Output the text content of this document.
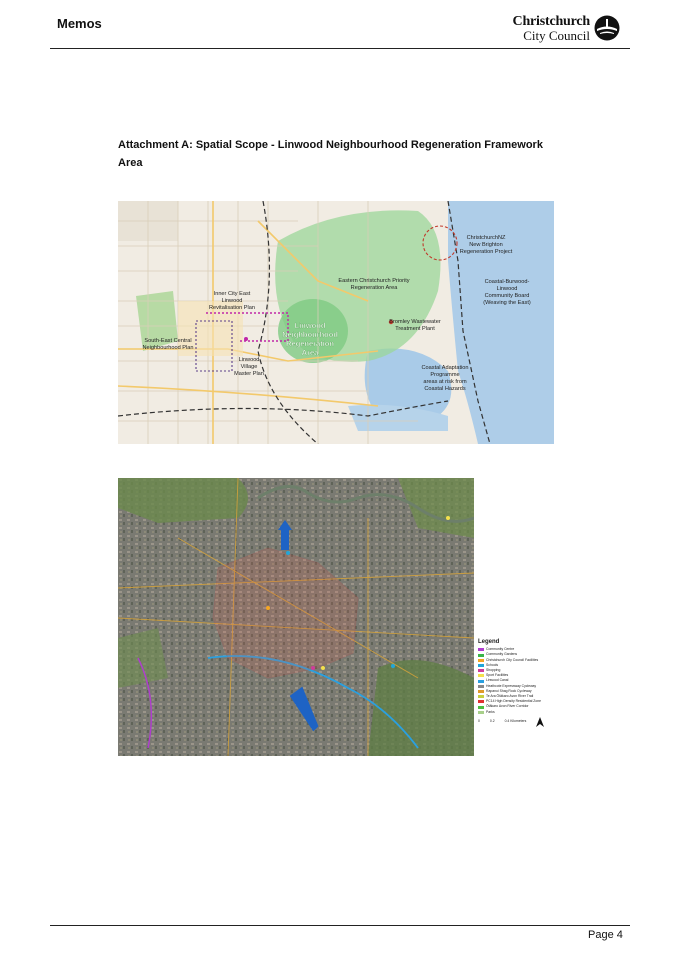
Memos	Christchurch
City Council
Attachment A: Spatial Scope - Linwood Neighbourhood Regeneration Framework Area
ChristchurchNZ
New Brighton
Regeneration Project
Eastern Christchurch Priority
Regeneration Area
Coastal-Burwood-
Linwood
Community Board
(Weaving the East)
Inner City East
Linwood
Revitalisation Plan
Bromley Wastewater
Treatment Plant
South-East Central
Neighbourhood Plan
Linwood
Village
Master Plan
Coastal Adaptation
Programme
areas at risk from
Coastal Hazards
Linwood
Neighbourhood
Regeneration
Area
Legend
Community Centre
Community Gardens
Christchurch City Council Facilities
Schools
Shopping
Sport Facilities
Linwood Canal
Heathcote Expressway Cycleway
Rapanui Shag Rock Cycleway
Te Ara Ōtākaro Avon River Trail
PC14 High Density Residential Zone
Ōtākaro Avon River Corridor
Parks
0	0.2	0.4 Kilometers
Page 4
